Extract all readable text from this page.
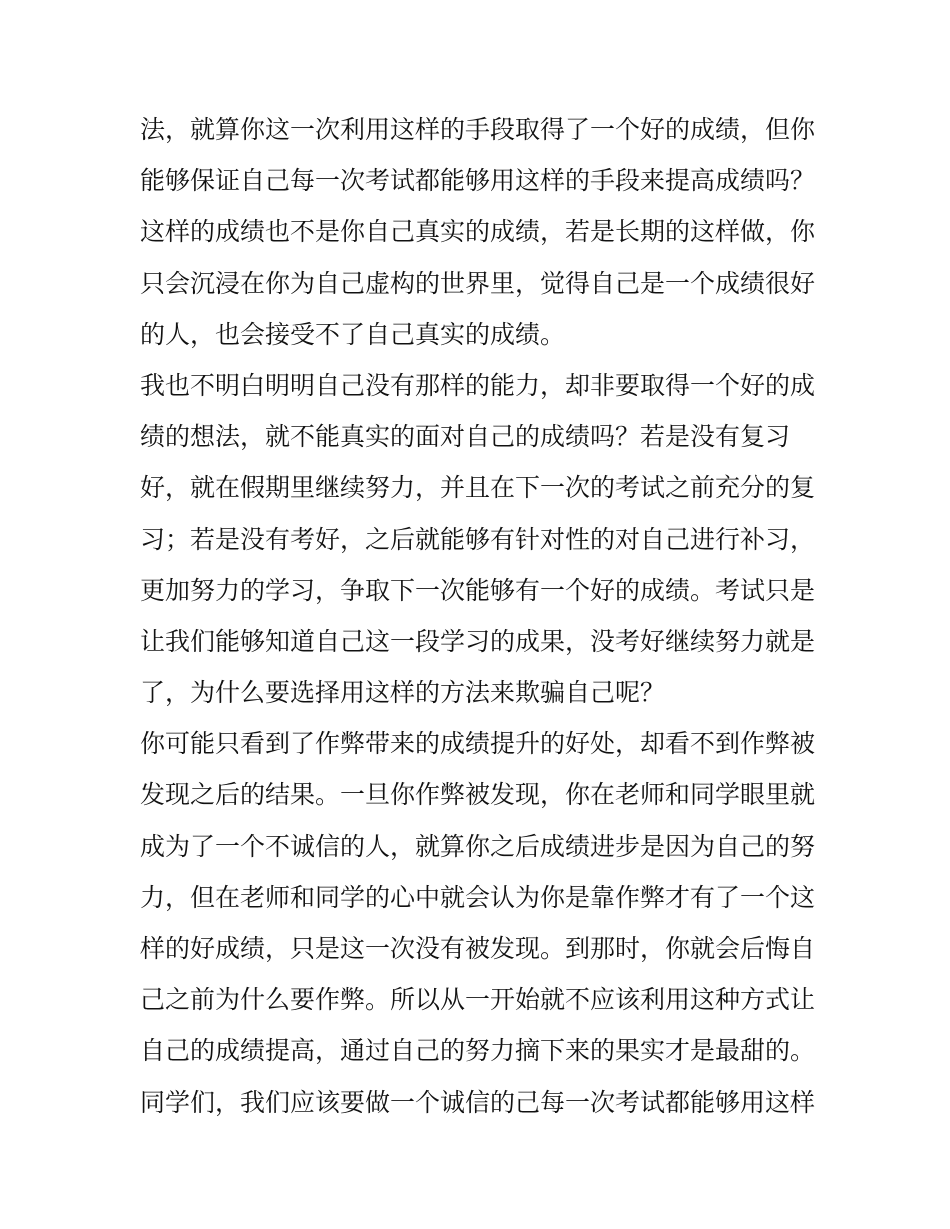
法，就算你这一次利用这样的手段取得了一个好的成绩，但你
能够保证自己每一次考试都能够用这样的手段来提高成绩吗？
这样的成绩也不是你自己真实的成绩，若是长期的这样做，你
只会沉浸在你为自己虚构的世界里，觉得自己是一个成绩很好
的人，也会接受不了自己真实的成绩。
我也不明白明明自己没有那样的能力，却非要取得一个好的成
绩的想法，就不能真实的面对自己的成绩吗？若是没有复习
好，就在假期里继续努力，并且在下一次的考试之前充分的复
习；若是没有考好，之后就能够有针对性的对自己进行补习，
更加努力的学习，争取下一次能够有一个好的成绩。考试只是
让我们能够知道自己这一段学习的成果，没考好继续努力就是
了，为什么要选择用这样的方法来欺骗自己呢？
你可能只看到了作弊带来的成绩提升的好处，却看不到作弊被
发现之后的结果。一旦你作弊被发现，你在老师和同学眼里就
成为了一个不诚信的人，就算你之后成绩进步是因为自己的努
力，但在老师和同学的心中就会认为你是靠作弊才有了一个这
样的好成绩，只是这一次没有被发现。到那时，你就会后悔自
己之前为什么要作弊。所以从一开始就不应该利用这种方式让
自己的成绩提高，通过自己的努力摘下来的果实才是最甜的。
同学们，我们应该要做一个诚信的己每一次考试都能够用这样
